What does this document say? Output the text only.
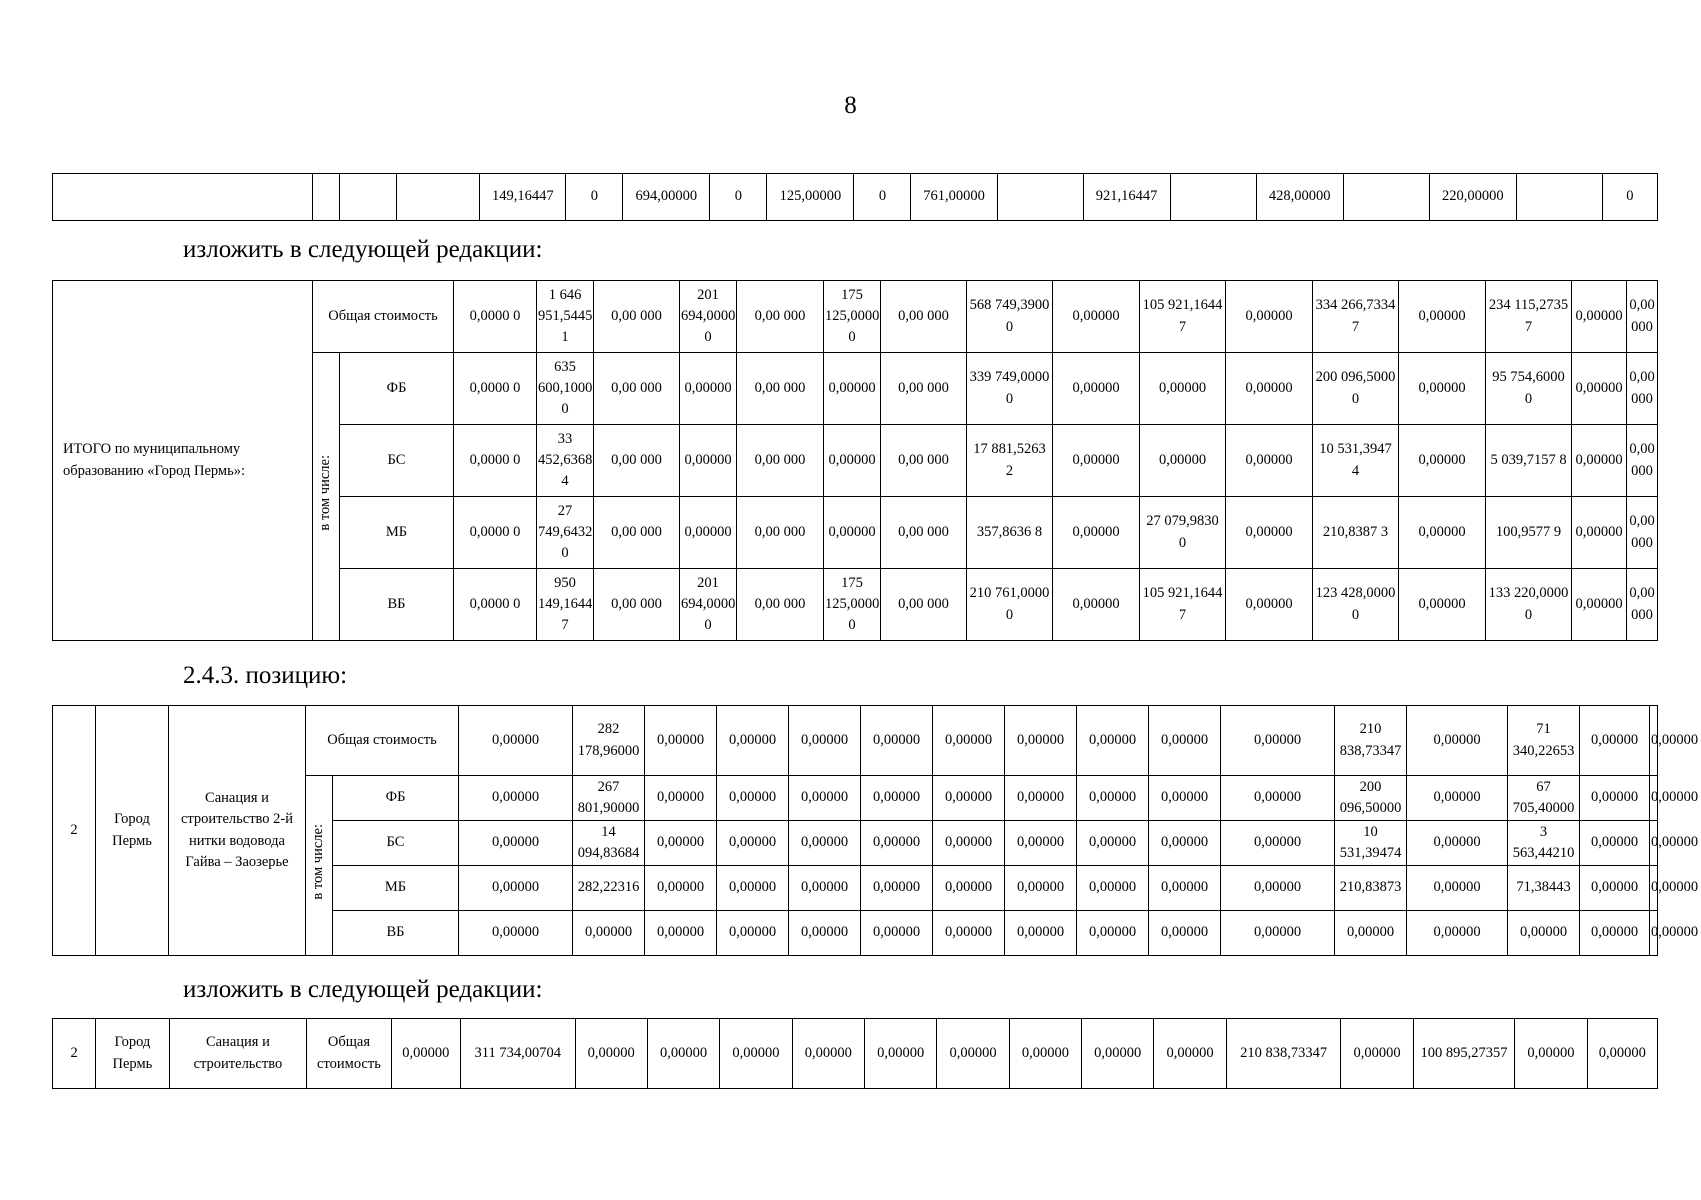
8
				149,16447	0	694,00000	0	125,00000	0	761,00000		921,16447		428,00000		220,00000		0
изложить в следующей редакции:
ИТОГО по муниципальному образованию «Город Пермь»:	Общая стоимость		0,0000 0	1 646 951,5445 1	0,00 000	201 694,0000 0	0,00 000	175 125,0000 0	0,00 000	568 749,3900 0	0,00000	105 921,1644 7	0,00000	334 266,7334 7	0,00000	234 115,2735 7	0,00000	0,00 000
	в том числе:	ФБ	0,0000 0	635 600,1000 0	0,00 000	0,00000	0,00 000	0,00000	0,00 000	339 749,0000 0	0,00000	0,00000	0,00000	200 096,5000 0	0,00000	95 754,6000 0	0,00000	0,00 000
		БС	0,0000 0	33 452,6368 4	0,00 000	0,00000	0,00 000	0,00000	0,00 000	17 881,5263 2	0,00000	0,00000	0,00000	10 531,3947 4	0,00000	5 039,7157 8	0,00000	0,00 000
		МБ	0,0000 0	27 749,6432 0	0,00 000	0,00000	0,00 000	0,00000	0,00 000	357,8636 8	0,00000	27 079,9830 0	0,00000	210,8387 3	0,00000	100,9577 9	0,00000	0,00 000
		ВБ	0,0000 0	950 149,1644 7	0,00 000	201 694,0000 0	0,00 000	175 125,0000 0	0,00 000	210 761,0000 0	0,00000	105 921,1644 7	0,00000	123 428,0000 0	0,00000	133 220,0000 0	0,00000	0,00 000
2.4.3. позицию:
2	Город Пермь	Санация и строительство 2-й нитки водовода Гайва – Заозерье	Общая стоимость		0,00000	282 178,96000	0,00000	0,00000	0,00000	0,00000	0,00000	0,00000	0,00000	0,00000	0,00000	210 838,73347	0,00000	71 340,22653	0,00000	0,00000
			в том числе:	ФБ	0,00000	267 801,90000	0,00000	0,00000	0,00000	0,00000	0,00000	0,00000	0,00000	0,00000	0,00000	200 096,50000	0,00000	67 705,40000	0,00000	0,00000
				БС	0,00000	14 094,83684	0,00000	0,00000	0,00000	0,00000	0,00000	0,00000	0,00000	0,00000	0,00000	10 531,39474	0,00000	3 563,44210	0,00000	0,00000
				МБ	0,00000	282,22316	0,00000	0,00000	0,00000	0,00000	0,00000	0,00000	0,00000	0,00000	0,00000	210,83873	0,00000	71,38443	0,00000	0,00000
				ВБ	0,00000	0,00000	0,00000	0,00000	0,00000	0,00000	0,00000	0,00000	0,00000	0,00000	0,00000	0,00000	0,00000	0,00000	0,00000	0,00000
изложить в следующей редакции:
2	Город Пермь	Санация и строительство	Общая стоимость	0,00000	311 734,00704	0,00000	0,00000	0,00000	0,00000	0,00000	0,00000	0,00000	0,00000	0,00000	210 838,73347	0,00000	100 895,27357	0,00000	0,00000
